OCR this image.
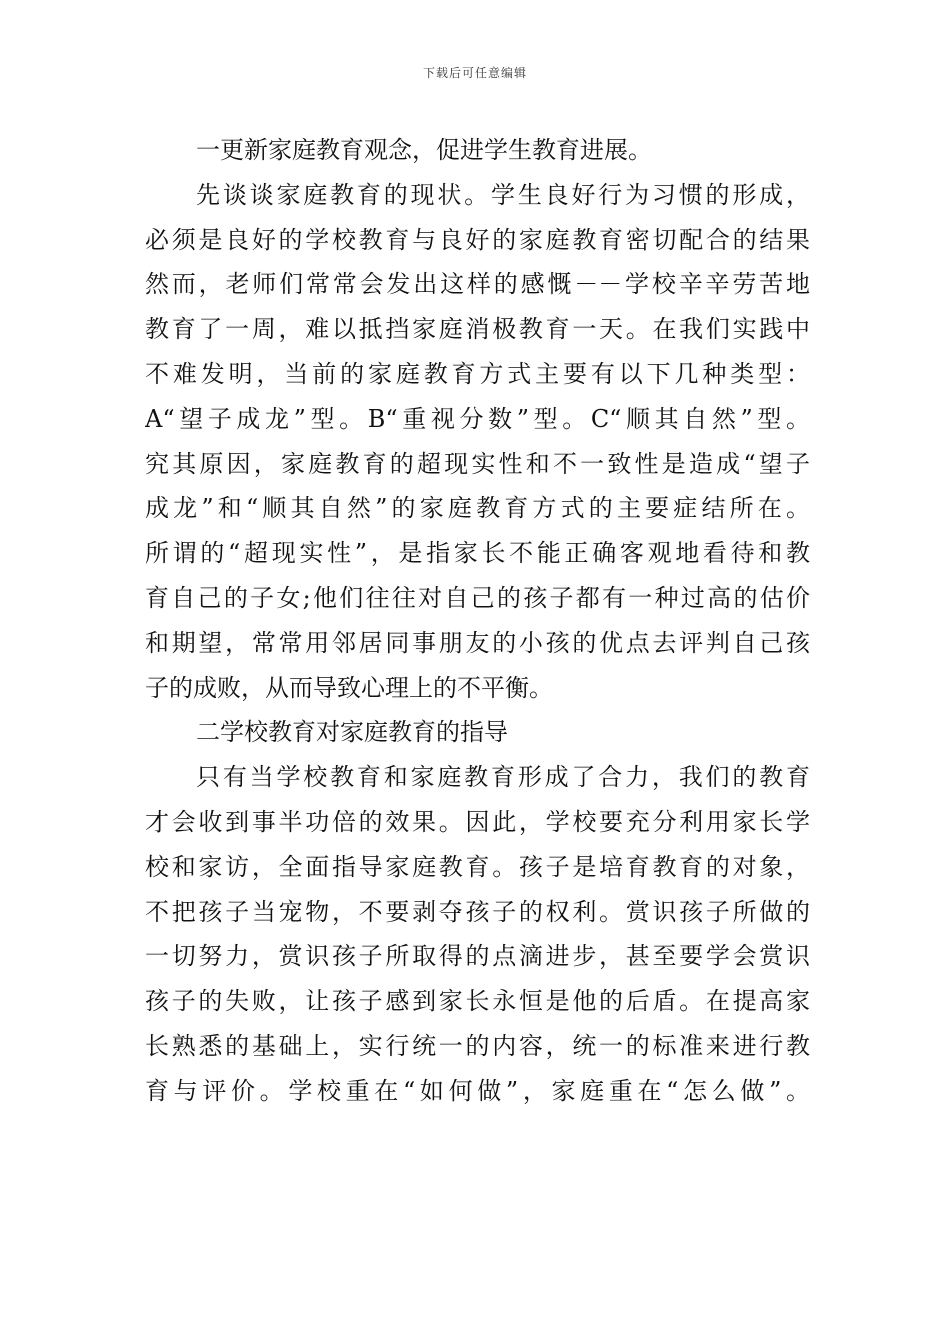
下载后可任意编辑
一更新家庭教育观念，促进学生教育进展。
先谈谈家庭教育的现状。学生良好行为习惯的形成，
必须是良好的学校教育与良好的家庭教育密切配合的结果
然而，老师们常常会发出这样的感慨－－学校辛辛劳苦地
教育了一周，难以抵挡家庭消极教育一天。在我们实践中
不难发明，当前的家庭教育方式主要有以下几种类型：
A“望子成龙”型。B“重视分数”型。C“顺其自然”型。
究其原因，家庭教育的超现实性和不一致性是造成“望子
成龙”和“顺其自然”的家庭教育方式的主要症结所在。
所谓的“超现实性”，是指家长不能正确客观地看待和教
育自己的子女;他们往往对自己的孩子都有一种过高的估价
和期望，常常用邻居同事朋友的小孩的优点去评判自己孩
子的成败，从而导致心理上的不平衡。
二学校教育对家庭教育的指导
只有当学校教育和家庭教育形成了合力，我们的教育
才会收到事半功倍的效果。因此，学校要充分利用家长学
校和家访，全面指导家庭教育。孩子是培育教育的对象，
不把孩子当宠物，不要剥夺孩子的权利。赏识孩子所做的
一切努力，赏识孩子所取得的点滴进步，甚至要学会赏识
孩子的失败，让孩子感到家长永恒是他的后盾。在提高家
长熟悉的基础上，实行统一的内容，统一的标准来进行教
育与评价。学校重在“如何做”，家庭重在“怎么做”。
